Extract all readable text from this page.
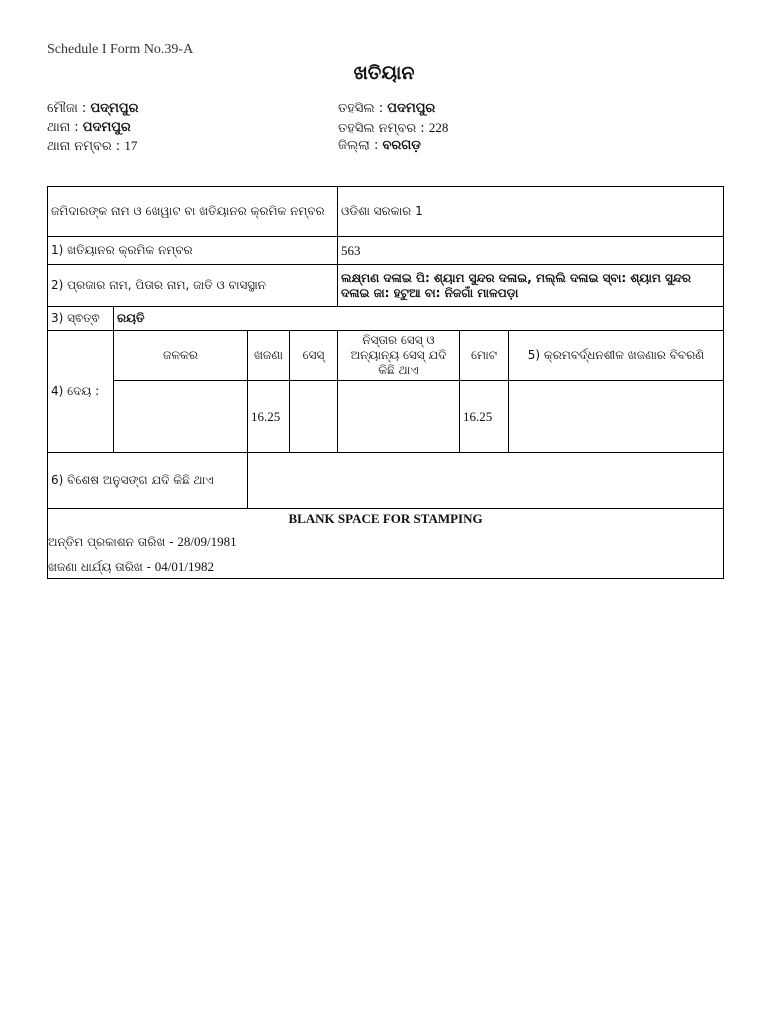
Schedule I Form No.39-A
ଖତିୟାନ
ମୌଜା : ପଦ୍ମପୁର
ଥାନା : ପଦମପୁର
ଥାନା ନମ୍ବର : 17
ତହସିଲ : ପଦମପୁର
ତହସିଲ ନମ୍ବର : 228
ଜିଲ୍ଲା : ବରଗଡ଼
ଜମିଦାରଙ୍କ ନାମ ଓ ଖେୱାଟ ବା ଖତିୟାନର କ୍ରମିକ ନମ୍ବର				ଓଡିଶା ସରକାର 1		
1) ଖତିୟାନର କ୍ରମିକ ନମ୍ବର				563		
2) ପ୍ରଜାର ନାମ, ପିତାର ନାମ, ଜାତି ଓ ବାସସ୍ଥାନ				ଲକ୍ଷ୍ମଣ ଦଳାଇ ପି: ଶ୍ୟାମ ସୁନ୍ଦର ଦଳାଇ, ମଲ୍ଲି ଦଳାଇ ସ୍ବା: ଶ୍ୟାମ ସୁନ୍ଦର ଦଳାଇ ଜା: ହଟୁଆ ବା: ନିଜଗାଁ ମାଳପଡ଼ା		
3) ସ୍ଵତ୍ଵ	ରୟତି					
4) ଦେୟ :	ଜଳକର	ଖଜଣା	ସେସ୍	ନିସ୍ତାର ସେସ୍ ଓ ଅନ୍ୟାନ୍ୟ ସେସ୍ ଯଦି କିଛି ଥାଏ	ମୋଟ	5) କ୍ରମବର୍ଦ୍ଧନଶୀଳ ଖଜଣାର ବିବରଣି
		16.25			16.25	
6) ବିଶେଷ ଅନୁସଙ୍ଗ ଯଦି କିଛି ଥାଏ						

BLANK SPACE FOR STAMPING
ଅନ୍ତିମ ପ୍ରକାଶନ ତାରିଖ - 28/09/1981
ଖଜଣା ଧାର୍ଯ୍ୟ ତାରିଖ - 04/01/1982						
